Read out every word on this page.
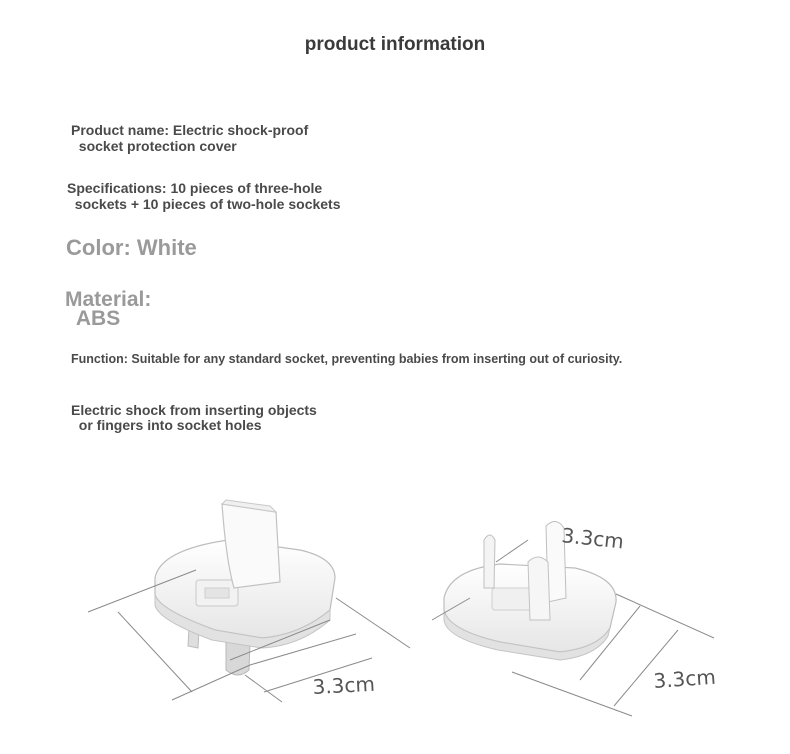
product information
Product name: Electric shock-proof
socket protection cover
Specifications: 10 pieces of three-hole
sockets + 10 pieces of two-hole sockets
Color: White
Material:
ABS
Function: Suitable for any standard socket, preventing babies from inserting out of curiosity.
Electric shock from inserting objects
or fingers into socket holes
3.3cm
3.3cm
3.3cm
